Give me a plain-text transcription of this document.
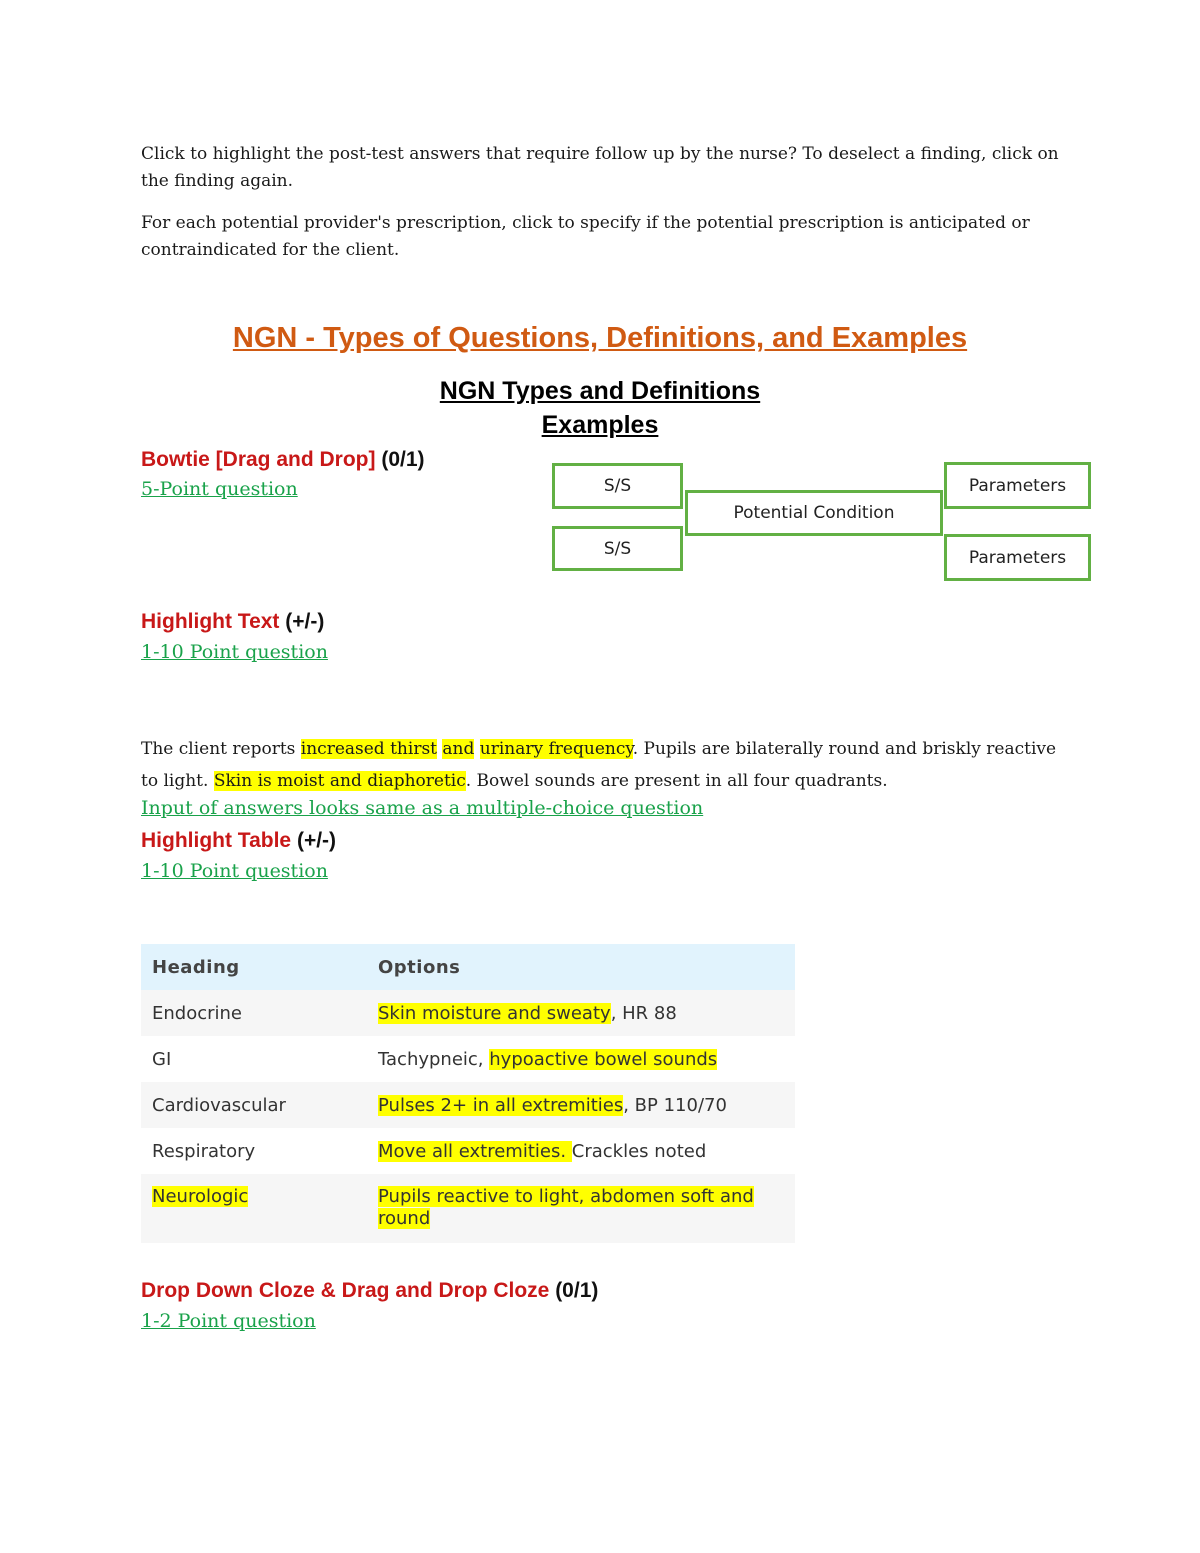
Click to highlight the post-test answers that require follow up by the nurse? To deselect a finding, click on the finding again.
For each potential provider's prescription, click to specify if the potential prescription is anticipated or contraindicated for the client.
NGN - Types of Questions, Definitions, and Examples
NGN Types and Definitions
Examples
Bowtie [Drag and Drop] (0/1)
5-Point question	S/S
S/S
Potential Condition
Parameters
Parameters
Highlight Text (+/-)
1-10 Point question
The client reports increased thirst and urinary frequency. Pupils are bilaterally round and briskly reactive to light. Skin is moist and diaphoretic. Bowel sounds are present in all four quadrants.
Input of answers looks same as a multiple-choice question
Highlight Table (+/-)
1-10 Point question
Heading	Options
Endocrine	Skin moisture and sweaty, HR 88
GI	Tachypneic, hypoactive bowel sounds
Cardiovascular	Pulses 2+ in all extremities, BP 110/70
Respiratory	Move all extremities. Crackles noted
Neurologic	Pupils reactive to light, abdomen soft and round
Drop Down Cloze & Drag and Drop Cloze (0/1)
1-2 Point question
